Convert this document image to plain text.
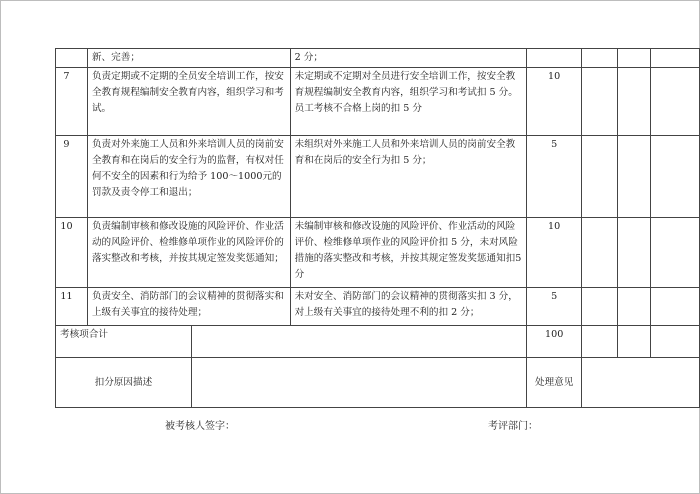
	新、完善；		2 分；				
7	负责定期或不定期的全员安全培训工作，按安全教育规程编制安全教育内容，组织学习和考试。		未定期或不定期对全员进行安全培训工作，按安全教育规程编制安全教育内容，组织学习和考试扣 5 分。员工考核不合格上岗的扣 5 分	10			
9	负责对外来施工人员和外来培训人员的岗前安全教育和在岗后的安全行为的监督，有权对任何不安全的因素和行为给予 100～1000元的罚款及责令停工和退出；		未组织对外来施工人员和外来培训人员的岗前安全教育和在岗后的安全行为扣 5 分；	5			
10	负责编制审核和修改设施的风险评价、作业活动的风险评价、检维修单项作业的风险评价的落实整改和考核，并按其规定签发奖惩通知；		未编制审核和修改设施的风险评价、作业活动的风险评价、检维修单项作业的风险评价扣 5 分，未对风险措施的落实整改和考核，并按其规定签发奖惩通知扣5 分	10			
11	负责安全、消防部门的会议精神的贯彻落实和上级有关事宜的接待处理；		未对安全、消防部门的会议精神的贯彻落实扣 3 分，对上级有关事宜的接待处理不利的扣 2 分；	5			
考核项合计				100			
扣分原因描述				处理意见			
被考核人签字：	考评部门：
